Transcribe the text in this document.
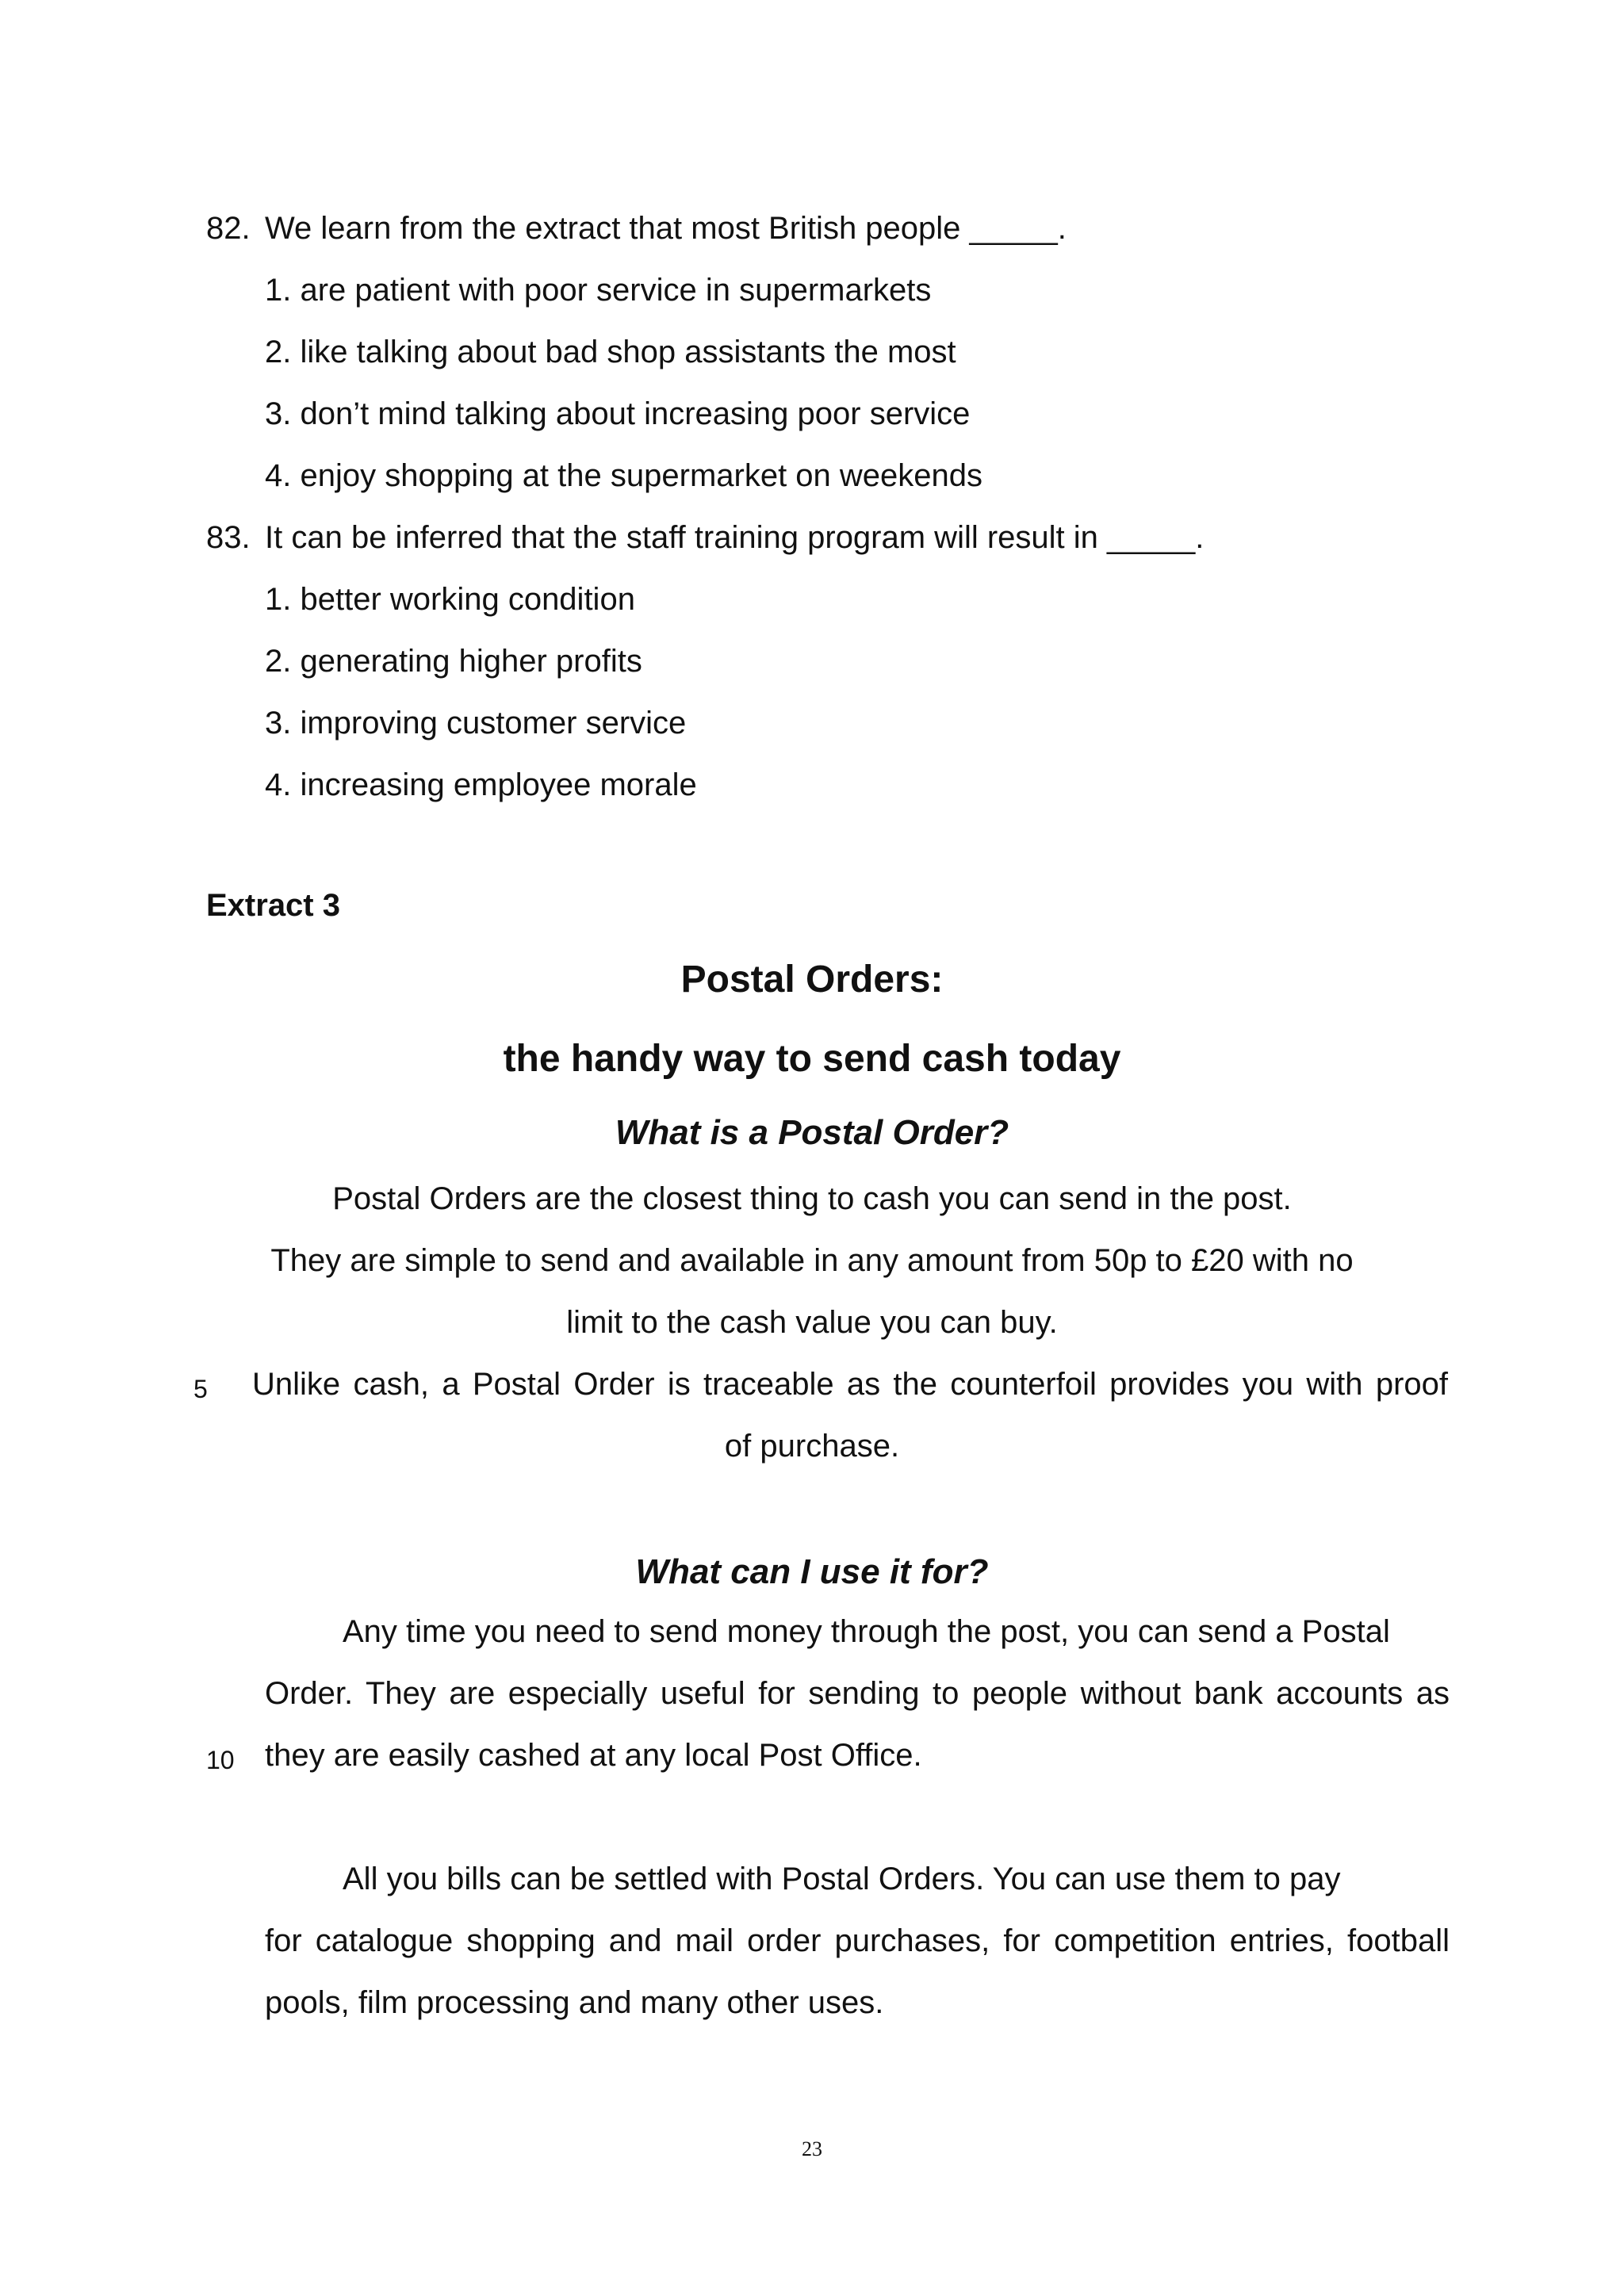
82. We learn from the extract that most British people _____.
1. are patient with poor service in supermarkets
2. like talking about bad shop assistants the most
3. don’t mind talking about increasing poor service
4. enjoy shopping at the supermarket on weekends
83. It can be inferred that the staff training program will result in _____.
1. better working condition
2. generating higher profits
3. improving customer service
4. increasing employee morale
Extract 3
Postal Orders:
the handy way to send cash today
What is a Postal Order?
Postal Orders are the closest thing to cash you can send in the post.
They are simple to send and available in any amount from 50p to £20 with no
limit to the cash value you can buy.
5 Unlike cash, a Postal Order is traceable as the counterfoil provides you with proof
of purchase.
What can I use it for?
Any time you need to send money through the post, you can send a Postal
Order. They are especially useful for sending to people without bank accounts as
10 they are easily cashed at any local Post Office.
All you bills can be settled with Postal Orders. You can use them to pay
for catalogue shopping and mail order purchases, for competition entries, football
pools, film processing and many other uses.
23
